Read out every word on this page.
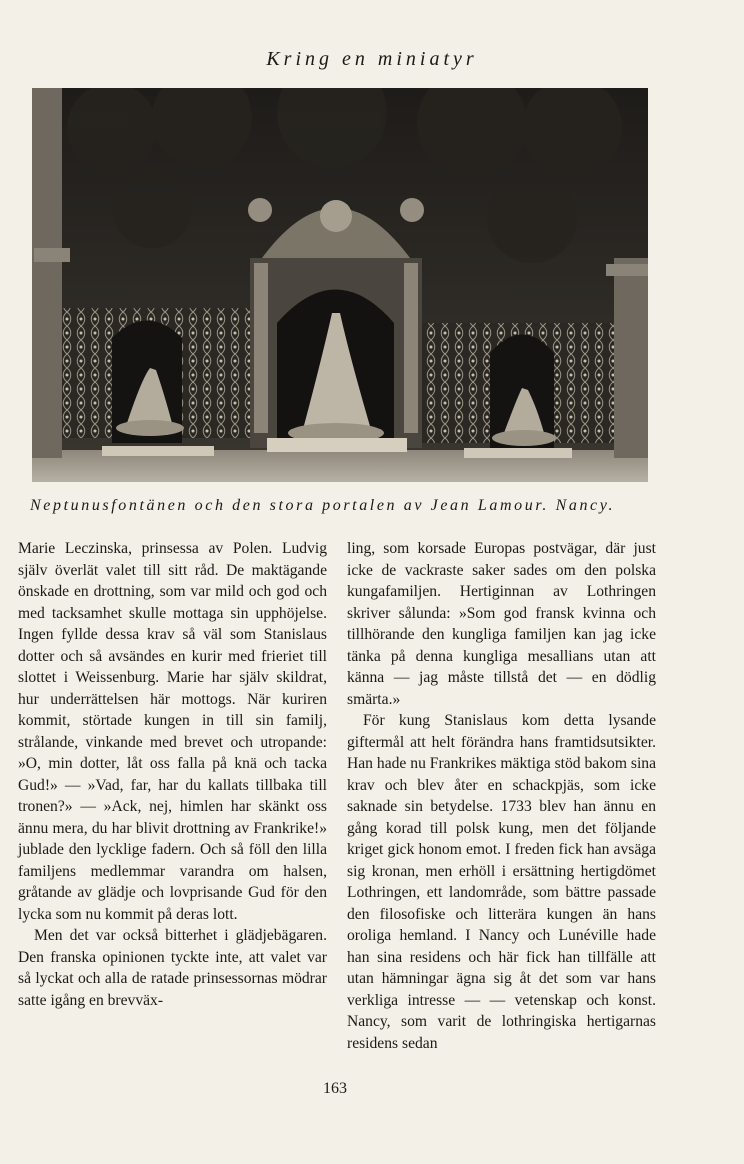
Kring en miniatyr
Neptunusfontänen och den stora portalen av Jean Lamour. Nancy.

Marie Leczinska, prinsessa av Polen. Ludvig själv överlät valet till sitt råd. De maktägande önskade en drottning, som var mild och god och med tacksamhet skulle mottaga sin upphöjelse. Ingen fyllde dessa krav så väl som Stanislaus dotter och så avsändes en kurir med frieriet till slottet i Weissenburg. Marie har själv skildrat, hur underrättelsen här mottogs. När kuriren kommit, störtade kungen in till sin familj, strålande, vinkande med brevet och utropande: »O, min dotter, låt oss falla på knä och tacka Gud!» — »Vad, far, har du kallats tillbaka till tronen?» — »Ack, nej, himlen har skänkt oss ännu mera, du har blivit drottning av Frankrike!» jublade den lycklige fadern. Och så föll den lilla familjens medlemmar varandra om halsen, gråtande av glädje och lovprisande Gud för den lycka som nu kommit på deras lott.

Men det var också bitterhet i glädjebägaren. Den franska opinionen tyckte inte, att valet var så lyckat och alla de ratade prinsessornas mödrar satte igång en brevväx-

ling, som korsade Europas postvägar, där just icke de vackraste saker sades om den polska kungafamiljen. Hertiginnan av Lothringen skriver sålunda: »Som god fransk kvinna och tillhörande den kungliga familjen kan jag icke tänka på denna kungliga mesallians utan att känna — jag måste tillstå det — en dödlig smärta.»

För kung Stanislaus kom detta lysande giftermål att helt förändra hans framtidsutsikter. Han hade nu Frankrikes mäktiga stöd bakom sina krav och blev åter en schackpjäs, som icke saknade sin betydelse. 1733 blev han ännu en gång korad till polsk kung, men det följande kriget gick honom emot. I freden fick han avsäga sig kronan, men erhöll i ersättning hertigdömet Lothringen, ett landområde, som bättre passade den filosofiske och litterära kungen än hans oroliga hemland. I Nancy och Lunéville hade han sina residens och här fick han tillfälle att utan hämningar ägna sig åt det som var hans verkliga intresse — — vetenskap och konst. Nancy, som varit de lothringiska hertigarnas residens sedan

163
